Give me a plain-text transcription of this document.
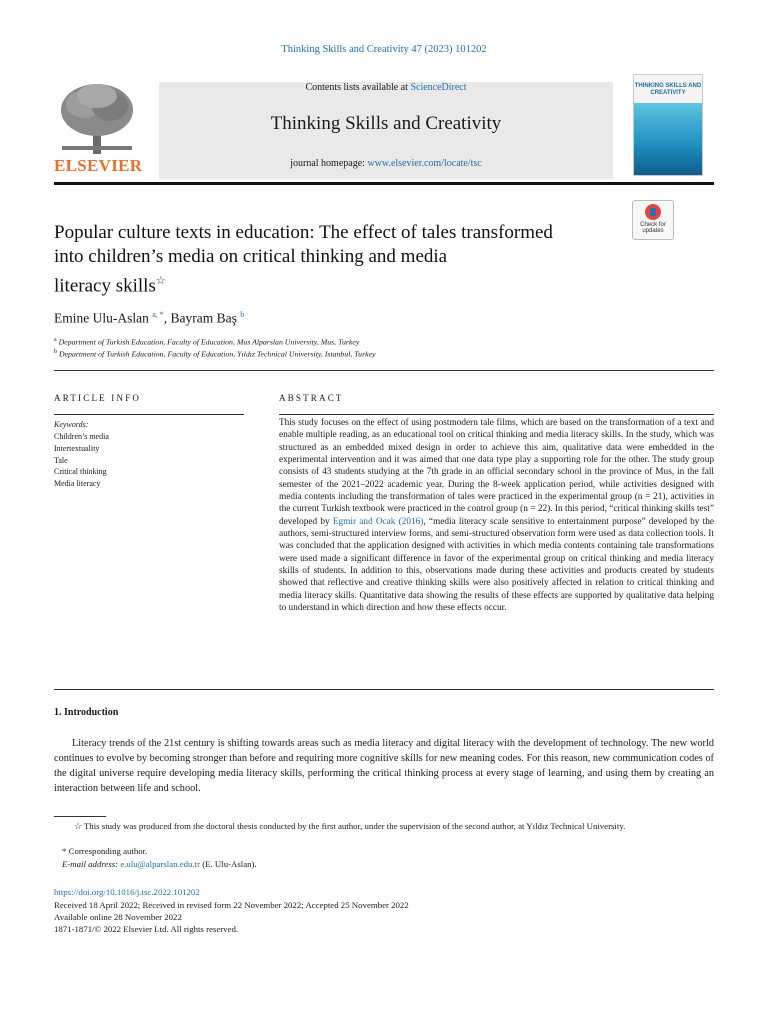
Thinking Skills and Creativity 47 (2023) 101202
ELSEVIER
Contents lists available at ScienceDirect
Thinking Skills and Creativity
journal homepage: www.elsevier.com/locate/tsc
THINKING SKILLS AND CREATIVITY
Popular culture texts in education: The effect of tales transformed
into children’s media on critical thinking and media
literacy skills☆
Check for updates
Emine Ulu-Aslan $^{a, *}$, Bayram Baş $^b$
$^a$ Department of Turkish Education, Faculty of Education, Mus Alparslan University, Mus, Turkey
$^b$ Department of Turkish Education, Faculty of Education, Yıldız Technical University, Istanbul, Turkey
ARTICLE INFO
Keywords:
Children’s media
Intertextuality
Tale
Critical thinking
Media literacy
ABSTRACT
This study focuses on the effect of using postmodern tale films, which are based on the transformation of a text and enable multiple reading, as an educational tool on critical thinking and media literacy skills. In the study, which was structured as an embedded mixed design in order to achieve this aim, qualitative data were embedded in the experimental intervention and it was aimed that one data type play a supporting role for the other. The study group consists of 43 students studying at the 7th grade in an official secondary school in the province of Mus, in the fall semester of the 2021–2022 academic year. During the 8-week application period, while activities designed with media contents including the transformation of tales were practiced in the experimental group (n = 21), activities in the current Turkish textbook were practiced in the control group (n = 22). In this period, “critical thinking skills test” developed by Egmir and Ocak (2016), “media literacy scale sensitive to entertainment purpose” developed by the authors, semi-structured interview forms, and semi-structured observation form were used as data collection tools. It was concluded that the application designed with activities in which media contents containing tale transformations were used made a significant difference in favor of the experimental group on critical thinking and media literacy skills of students. In addition to this, observations made during these activities and products created by students showed that reflective and creative thinking skills were also positively affected in relation to critical thinking and media literacy skills. Quantitative data showing the results of these effects are supported by qualitative data helping to understand in which direction and how these effects occur.
1. Introduction
Literacy trends of the 21st century is shifting towards areas such as media literacy and digital literacy with the development of technology. The new world continues to evolve by becoming stronger than before and requiring more cognitive skills for new meaning codes. For this reason, new communication codes of the digital universe require developing media literacy skills, performing the critical thinking process at every stage of learning, and using them by creating an interaction between life and school.
☆ This study was produced from the doctoral thesis conducted by the first author, under the supervision of the second author, at Yıldız Technical University.
* Corresponding author.
E-mail address: e.ulu@alparslan.edu.tr (E. Ulu-Aslan).
https://doi.org/10.1016/j.tsc.2022.101202
Received 18 April 2022; Received in revised form 22 November 2022; Accepted 25 November 2022
Available online 28 November 2022
1871-1871/© 2022 Elsevier Ltd. All rights reserved.
